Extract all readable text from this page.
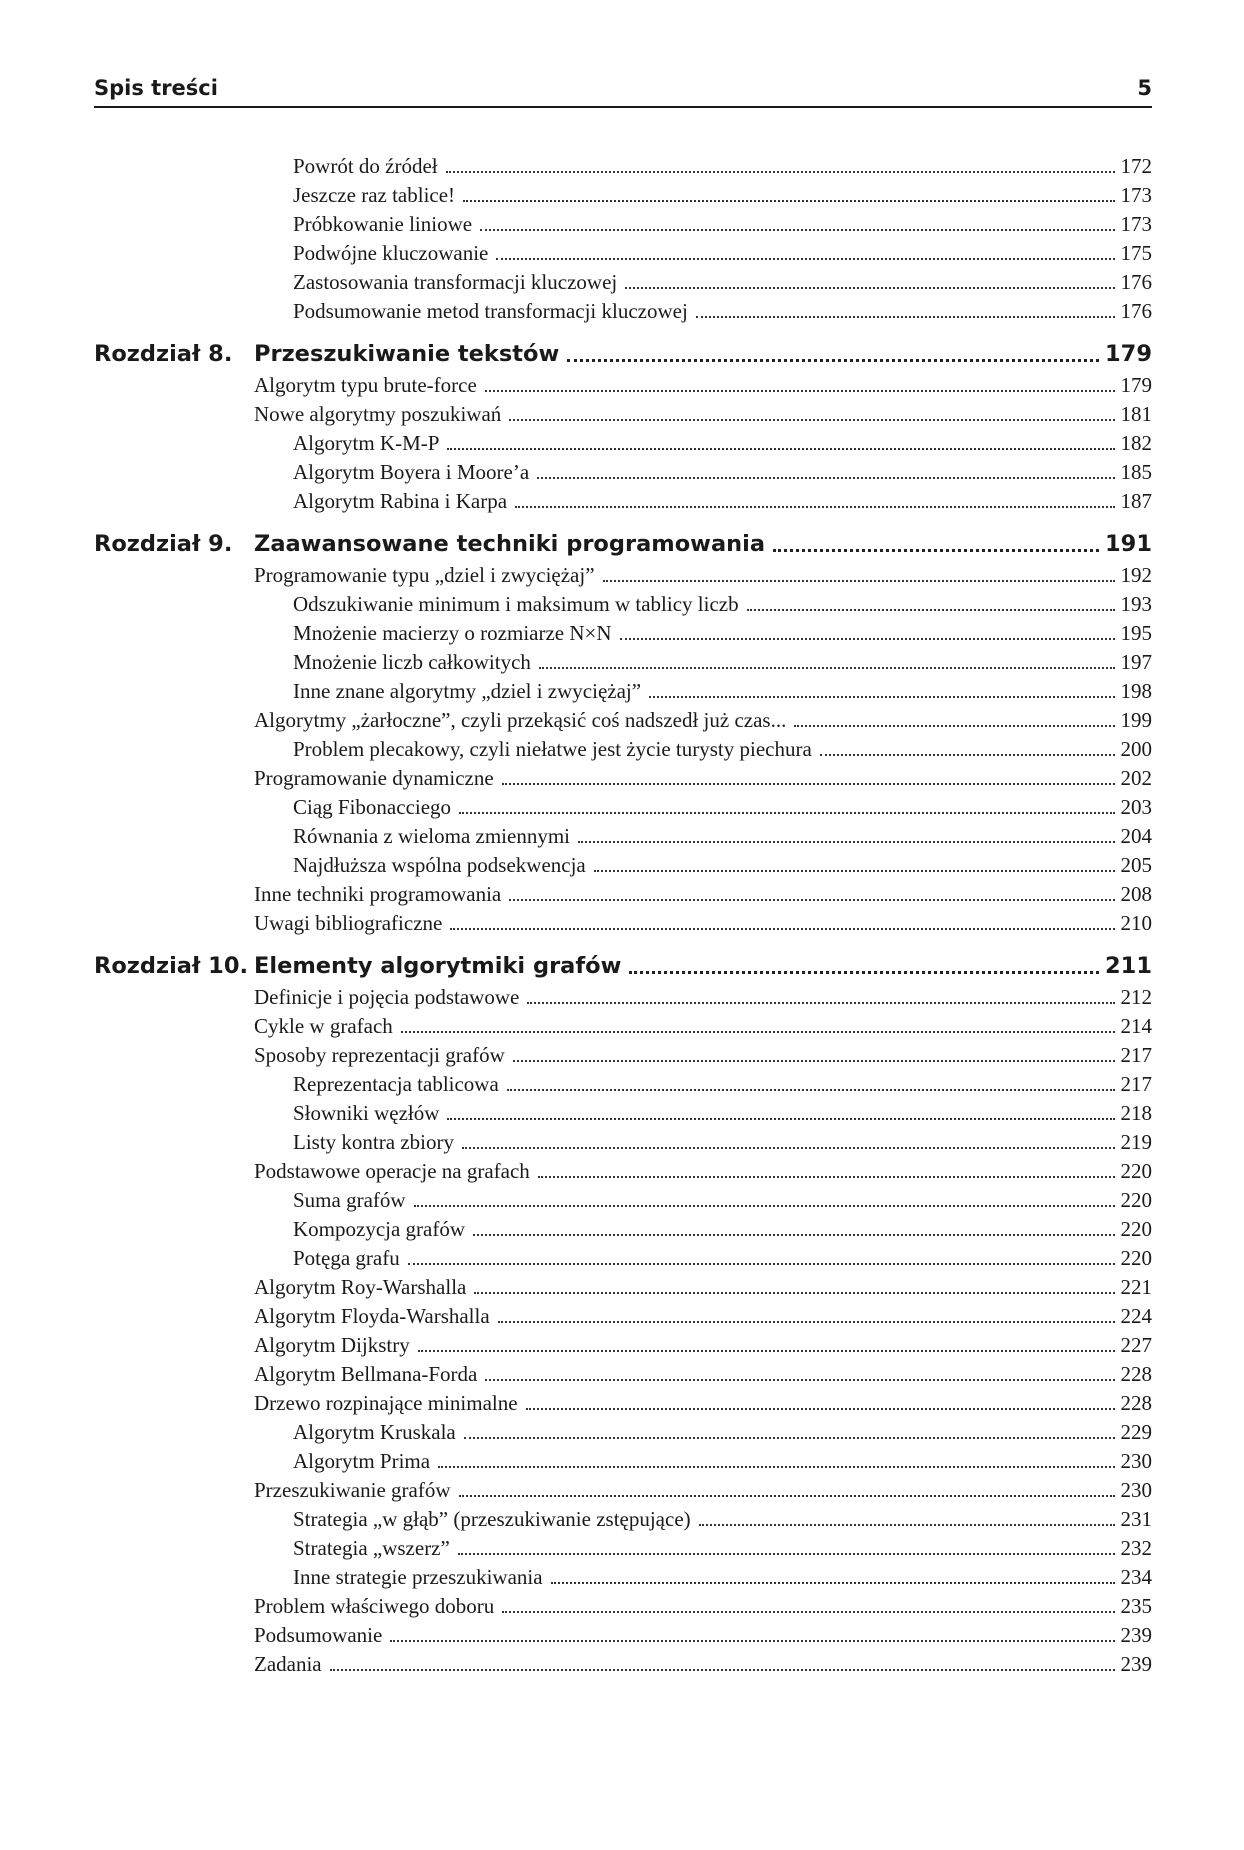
Spis treści	5
Powrót do źródeł	172
Jeszcze raz tablice!	173
Próbkowanie liniowe	173
Podwójne kluczowanie	175
Zastosowania transformacji kluczowej	176
Podsumowanie metod transformacji kluczowej	176
Rozdział 8. Przeszukiwanie tekstów	179
Algorytm typu brute-force	179
Nowe algorytmy poszukiwań	181
Algorytm K-M-P	182
Algorytm Boyera i Moore’a	185
Algorytm Rabina i Karpa	187
Rozdział 9. Zaawansowane techniki programowania	191
Programowanie typu „dziel i zwyciężaj”	192
Odszukiwanie minimum i maksimum w tablicy liczb	193
Mnożenie macierzy o rozmiarze N×N	195
Mnożenie liczb całkowitych	197
Inne znane algorytmy „dziel i zwyciężaj”	198
Algorytmy „żarłoczne”, czyli przekąsić coś nadszedł już czas...	199
Problem plecakowy, czyli niełatwe jest życie turysty piechura	200
Programowanie dynamiczne	202
Ciąg Fibonacciego	203
Równania z wieloma zmiennymi	204
Najdłuższa wspólna podsekwencja	205
Inne techniki programowania	208
Uwagi bibliograficzne	210
Rozdział 10. Elementy algorytmiki grafów	211
Definicje i pojęcia podstawowe	212
Cykle w grafach	214
Sposoby reprezentacji grafów	217
Reprezentacja tablicowa	217
Słowniki węzłów	218
Listy kontra zbiory	219
Podstawowe operacje na grafach	220
Suma grafów	220
Kompozycja grafów	220
Potęga grafu	220
Algorytm Roy-Warshalla	221
Algorytm Floyda-Warshalla	224
Algorytm Dijkstry	227
Algorytm Bellmana-Forda	228
Drzewo rozpinające minimalne	228
Algorytm Kruskala	229
Algorytm Prima	230
Przeszukiwanie grafów	230
Strategia „w głąb” (przeszukiwanie zstępujące)	231
Strategia „wszerz”	232
Inne strategie przeszukiwania	234
Problem właściwego doboru	235
Podsumowanie	239
Zadania	239
